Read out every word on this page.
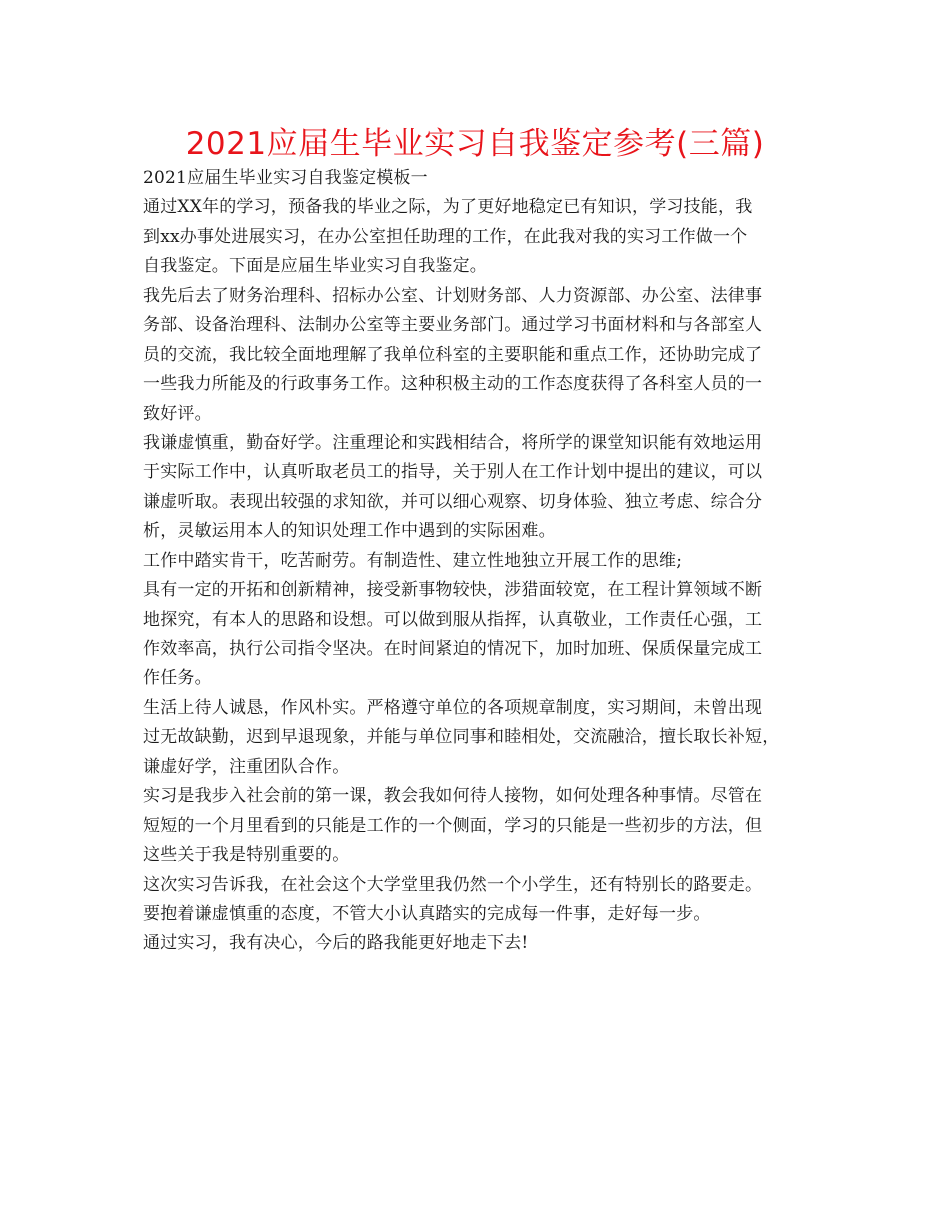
2021应届生毕业实习自我鉴定参考(三篇)
2021应届生毕业实习自我鉴定模板一
通过XX年的学习，预备我的毕业之际，为了更好地稳定已有知识，学习技能，我
到xx办事处进展实习，在办公室担任助理的工作，在此我对我的实习工作做一个
自我鉴定。下面是应届生毕业实习自我鉴定。
我先后去了财务治理科、招标办公室、计划财务部、人力资源部、办公室、法律事
务部、设备治理科、法制办公室等主要业务部门。通过学习书面材料和与各部室人
员的交流，我比较全面地理解了我单位科室的主要职能和重点工作，还协助完成了
一些我力所能及的行政事务工作。这种积极主动的工作态度获得了各科室人员的一
致好评。
我谦虚慎重，勤奋好学。注重理论和实践相结合，将所学的课堂知识能有效地运用
于实际工作中，认真听取老员工的指导，关于别人在工作计划中提出的建议，可以
谦虚听取。表现出较强的求知欲，并可以细心观察、切身体验、独立考虑、综合分
析，灵敏运用本人的知识处理工作中遇到的实际困难。
工作中踏实肯干，吃苦耐劳。有制造性、建立性地独立开展工作的思维;
具有一定的开拓和创新精神，接受新事物较快，涉猎面较宽，在工程计算领域不断
地探究，有本人的思路和设想。可以做到服从指挥，认真敬业，工作责任心强，工
作效率高，执行公司指令坚决。在时间紧迫的情况下，加时加班、保质保量完成工
作任务。
生活上待人诚恳，作风朴实。严格遵守单位的各项规章制度，实习期间，未曾出现
过无故缺勤，迟到早退现象，并能与单位同事和睦相处，交流融洽，擅长取长补短，
谦虚好学，注重团队合作。
实习是我步入社会前的第一课，教会我如何待人接物，如何处理各种事情。尽管在
短短的一个月里看到的只能是工作的一个侧面，学习的只能是一些初步的方法，但
这些关于我是特别重要的。
这次实习告诉我，在社会这个大学堂里我仍然一个小学生，还有特别长的路要走。
要抱着谦虚慎重的态度，不管大小认真踏实的完成每一件事，走好每一步。
通过实习，我有决心，今后的路我能更好地走下去!
